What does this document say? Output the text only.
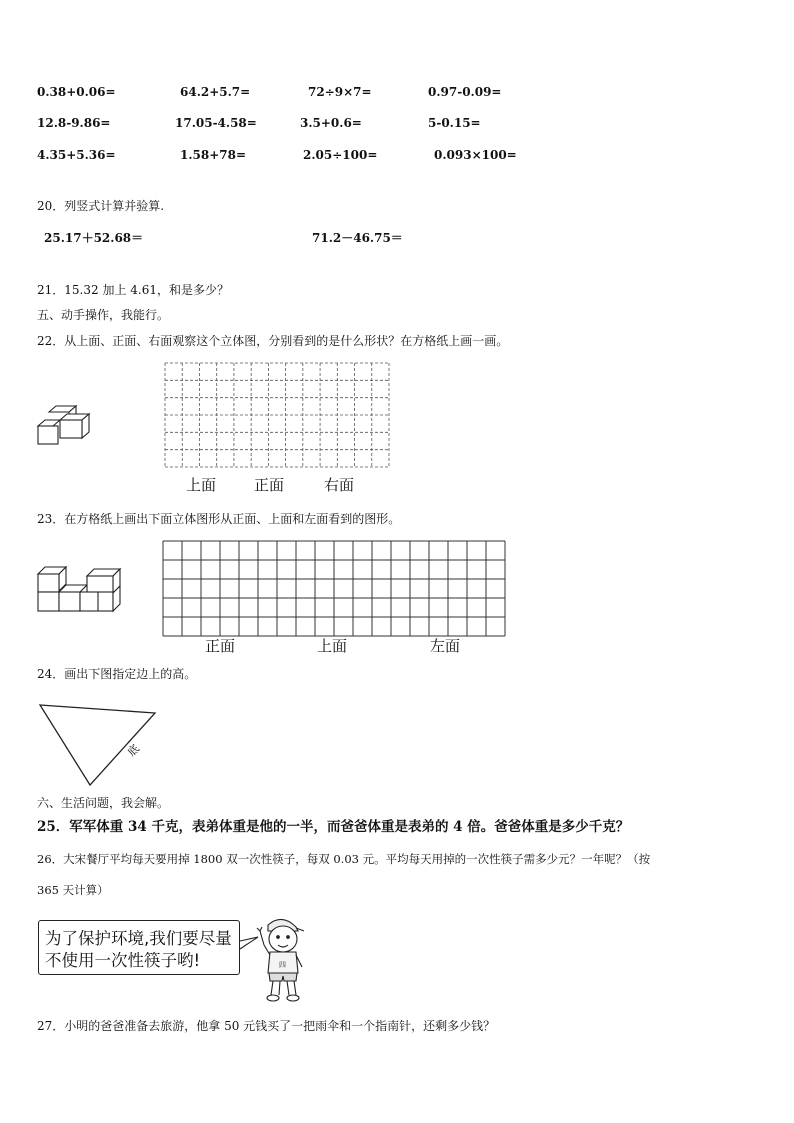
0.38+0.06=	64.2+5.7=	72÷9×7=	0.97-0.09=
12.8-9.86=	17.05-4.58=	3.5+0.6=	5-0.15=
4.35+5.36=	1.58+78=	2.05÷100=	0.093×100=
20．列竖式计算并验算.
25.17＋52.68＝	71.2－46.75＝
21．15.32 加上 4.61，和是多少？
五、动手操作，我能行。
22．从上面、正面、右面观察这个立体图，分别看到的是什么形状？在方格纸上画一画。
上面	正面	右面
23．在方格纸上画出下面立体图形从正面、上面和左面看到的图形。
正面	上面	左面
24．画出下图指定边上的高。
底
六、生活问题，我会解。
25．军军体重 34 千克，表弟体重是他的一半，而爸爸体重是表弟的 4 倍。爸爸体重是多少千克？
26．大宋餐厅平均每天要用掉 1800 双一次性筷子，每双 0.03 元。平均每天用掉的一次性筷子需多少元？一年呢？（按
365 天计算）
为了保护环境,我们要尽量
不使用一次性筷子哟!	四
27．小明的爸爸准备去旅游，他拿 50 元钱买了一把雨伞和一个指南针，还剩多少钱？
